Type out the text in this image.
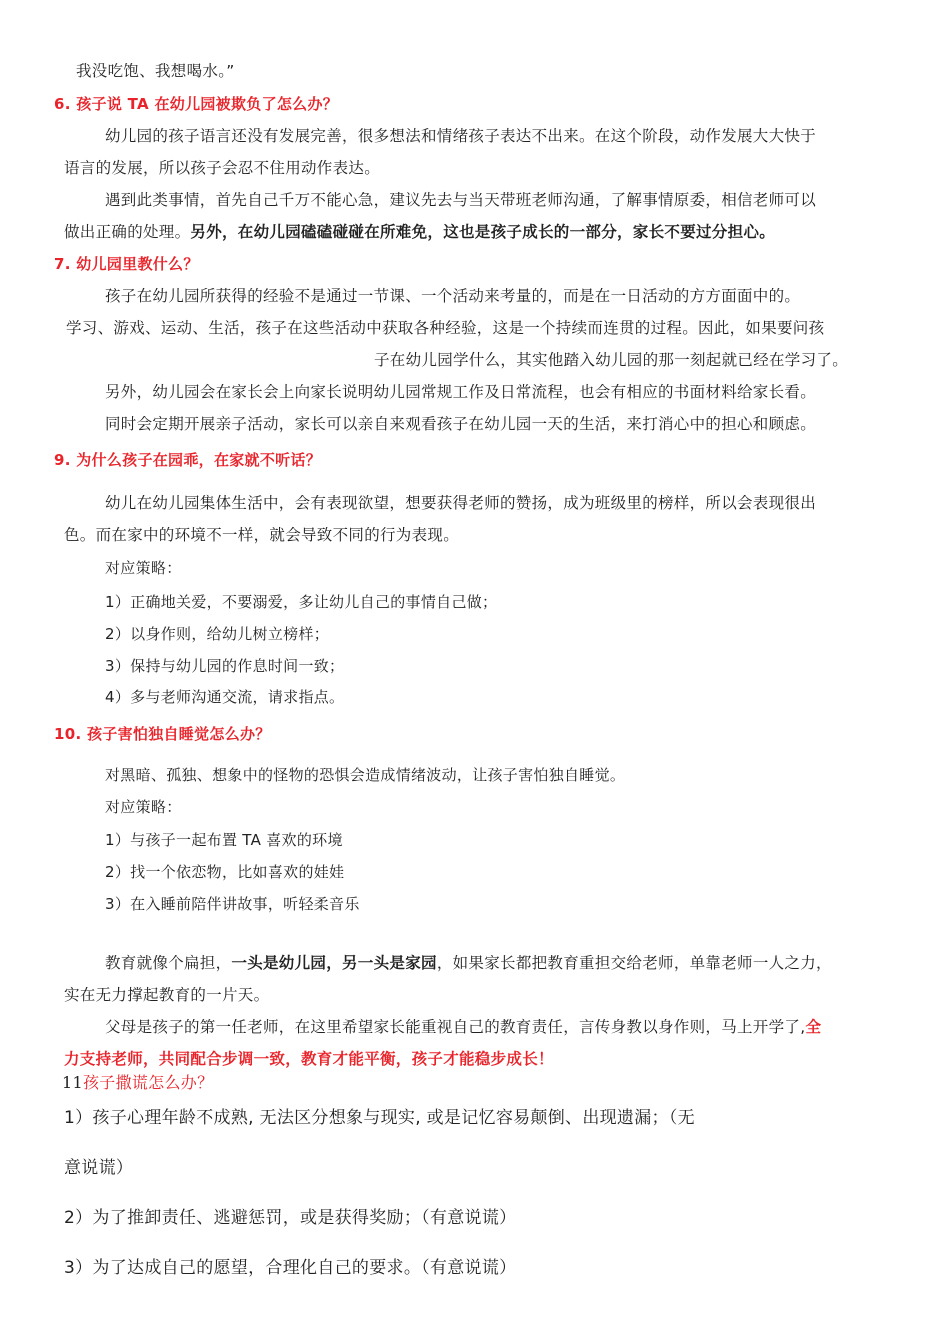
我没吃饱、我想喝水。”
6. 孩子说 TA 在幼儿园被欺负了怎么办？
幼儿园的孩子语言还没有发展完善，很多想法和情绪孩子表达不出来。在这个阶段，动作发展大大快于
语言的发展，所以孩子会忍不住用动作表达。
遇到此类事情，首先自己千万不能心急，建议先去与当天带班老师沟通，了解事情原委，相信老师可以
做出正确的处理。另外，在幼儿园磕磕碰碰在所难免，这也是孩子成长的一部分，家长不要过分担心。
7. 幼儿园里教什么？
孩子在幼儿园所获得的经验不是通过一节课、一个活动来考量的，而是在一日活动的方方面面中的。
学习、游戏、运动、生活，孩子在这些活动中获取各种经验，这是一个持续而连贯的过程。因此，如果要问孩
子在幼儿园学什么，其实他踏入幼儿园的那一刻起就已经在学习了。
另外，幼儿园会在家长会上向家长说明幼儿园常规工作及日常流程，也会有相应的书面材料给家长看。
同时会定期开展亲子活动，家长可以亲自来观看孩子在幼儿园一天的生活，来打消心中的担心和顾虑。
9. 为什么孩子在园乖，在家就不听话？
幼儿在幼儿园集体生活中，会有表现欲望，想要获得老师的赞扬，成为班级里的榜样，所以会表现很出
色。而在家中的环境不一样，就会导致不同的行为表现。
对应策略：
1）正确地关爱，不要溺爱，多让幼儿自己的事情自己做；
2）以身作则，给幼儿树立榜样；
3）保持与幼儿园的作息时间一致；
4）多与老师沟通交流，请求指点。
10. 孩子害怕独自睡觉怎么办？
对黑暗、孤独、想象中的怪物的恐惧会造成情绪波动，让孩子害怕独自睡觉。
对应策略：
1）与孩子一起布置 TA 喜欢的环境
2）找一个依恋物，比如喜欢的娃娃
3）在入睡前陪伴讲故事，听轻柔音乐
教育就像个扁担，一头是幼儿园，另一头是家园，如果家长都把教育重担交给老师，单靠老师一人之力，
实在无力撑起教育的一片天。
父母是孩子的第一任老师，在这里希望家长能重视自己的教育责任，言传身教以身作则，马上开学了,全
力支持老师，共同配合步调一致，教育才能平衡，孩子才能稳步成长！
11孩子撒谎怎么办？
1）孩子心理年龄不成熟, 无法区分想象与现实, 或是记忆容易颠倒、出现遗漏；（无
意说谎）
2）为了推卸责任、逃避惩罚，或是获得奖励；（有意说谎）
3）为了达成自己的愿望，合理化自己的要求。（有意说谎）
